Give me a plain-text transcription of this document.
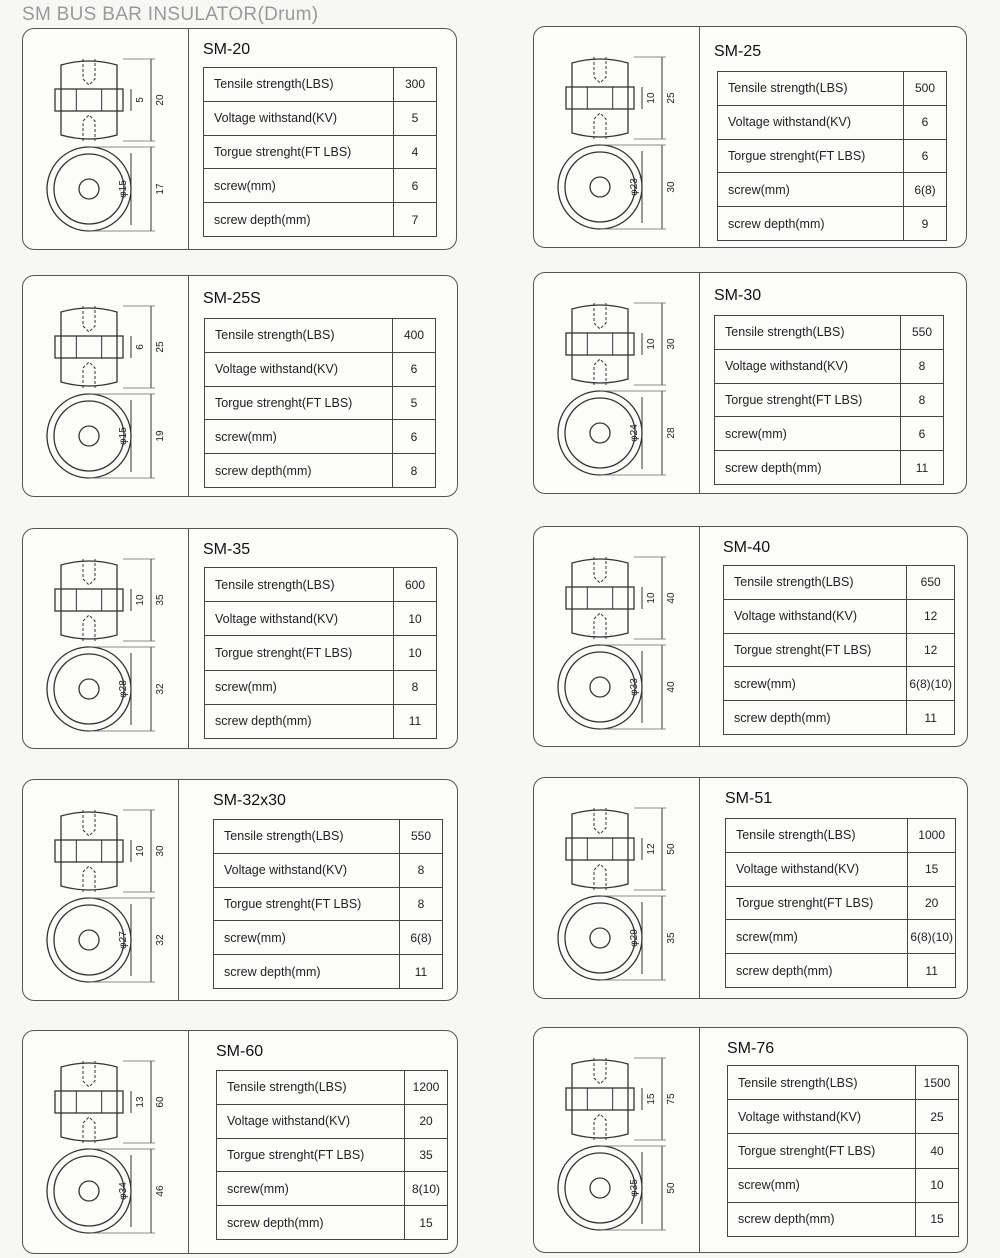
SM BUS BAR INSULATOR(Drum)
SM-20
5 20
φ15	17
Tensile strength(LBS)	300
Voltage withstand(KV)	5
Torgue strenght(FT LBS)	4
screw(mm)	6
screw depth(mm)	7
SM-25
10 25
φ23	30
Tensile strength(LBS)	500
Voltage withstand(KV)	6
Torgue strenght(FT LBS)	6
screw(mm)	6(8)
screw depth(mm)	9
SM-25S
6 25
φ15	19
Tensile strength(LBS)	400
Voltage withstand(KV)	6
Torgue strenght(FT LBS)	5
screw(mm)	6
screw depth(mm)	8
SM-30
10 30
φ24	28
Tensile strength(LBS)	550
Voltage withstand(KV)	8
Torgue strenght(FT LBS)	8
screw(mm)	6
screw depth(mm)	11
SM-35
10 35
φ28	32
Tensile strength(LBS)	600
Voltage withstand(KV)	10
Torgue strenght(FT LBS)	10
screw(mm)	8
screw depth(mm)	11
SM-40
10 40
φ33	40
Tensile strength(LBS)	650
Voltage withstand(KV)	12
Torgue strenght(FT LBS)	12
screw(mm)	6(8)(10)
screw depth(mm)	11
SM-32x30
10 30
φ27	32
Tensile strength(LBS)	550
Voltage withstand(KV)	8
Torgue strenght(FT LBS)	8
screw(mm)	6(8)
screw depth(mm)	11
SM-51
12 50
φ29	35
Tensile strength(LBS)	1000
Voltage withstand(KV)	15
Torgue strenght(FT LBS)	20
screw(mm)	6(8)(10)
screw depth(mm)	11
SM-60
13 60
φ34	46
Tensile strength(LBS)	1200
Voltage withstand(KV)	20
Torgue strenght(FT LBS)	35
screw(mm)	8(10)
screw depth(mm)	15
SM-76
15 75
φ35	50
Tensile strength(LBS)	1500
Voltage withstand(KV)	25
Torgue strenght(FT LBS)	40
screw(mm)	10
screw depth(mm)	15
